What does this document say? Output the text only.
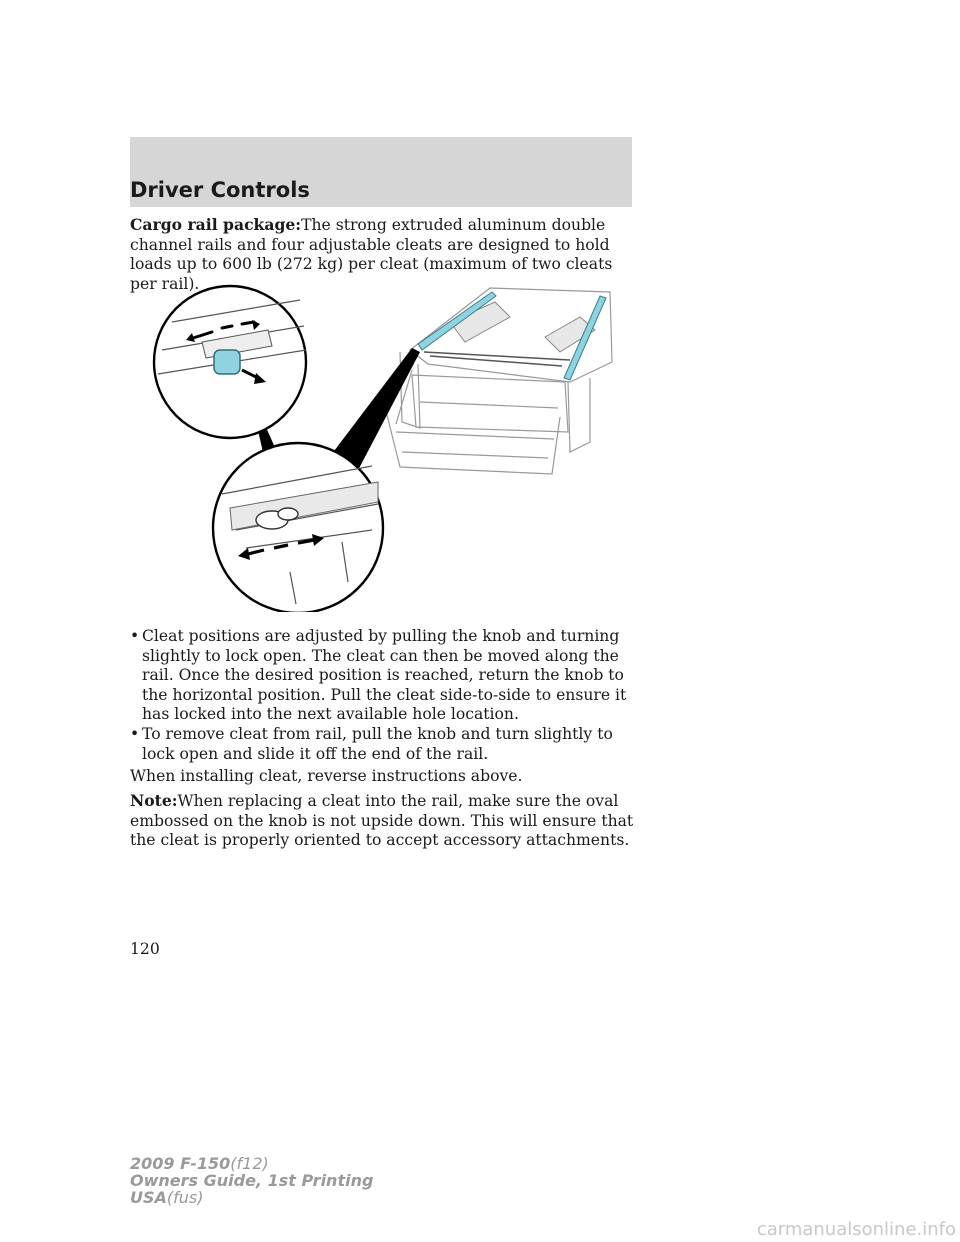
Driver Controls
Cargo rail package:The strong extruded aluminum double channel rails and four adjustable cleats are designed to hold loads up to 600 lb (272 kg) per cleat (maximum of two cleats per rail).
• Cleat positions are adjusted by pulling the knob and turning slightly to lock open. The cleat can then be moved along the rail. Once the desired position is reached, return the knob to the horizontal position. Pull the cleat side-to-side to ensure it has locked into the next available hole location.
• To remove cleat from rail, pull the knob and turn slightly to lock open and slide it off the end of the rail.
When installing cleat, reverse instructions above.
Note:When replacing a cleat into the rail, make sure the oval embossed on the knob is not upside down. This will ensure that the cleat is properly oriented to accept accessory attachments.
120
2009 F-150(f12)
Owners Guide, 1st Printing
USA(fus)
carmanualsonline.info
